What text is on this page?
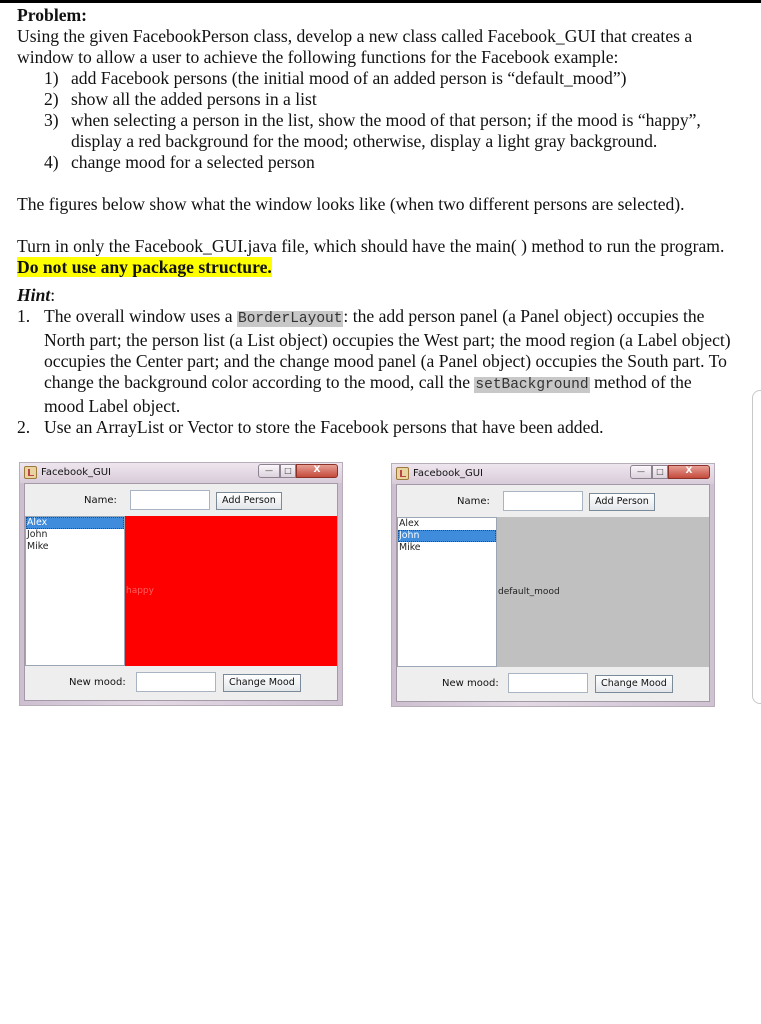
Problem:

Using the given FacebookPerson class, develop a new class called Facebook_GUI that creates a window to allow a user to achieve the following functions for the Facebook example:

1) add Facebook persons (the initial mood of an added person is “default_mood”)
2) show all the added persons in a list
3) when selecting a person in the list, show the mood of that person; if the mood is “happy”, display a red background for the mood; otherwise, display a light gray background.
4) change mood for a selected person

The figures below show what the window looks like (when two different persons are selected).

Turn in only the Facebook_GUI.java file, which should have the main( ) method to run the program. Do not use any package structure.

Hint:

1. The overall window uses a BorderLayout: the add person panel (a Panel object) occupies the North part; the person list (a List object) occupies the West part; the mood region (a Label object) occupies the Center part; and the change mood panel (a Panel object) occupies the South part. To change the background color according to the mood, call the setBackground method of the mood Label object.
2. Use an ArrayList or Vector to store the Facebook persons that have been added.
Facebook_GUI	—	□	X
Name:	Add Person
Alex
John
Mike
happy
New mood:	Change Mood
Facebook_GUI	—	□	X
Name:	Add Person
Alex
John
Mike
default_mood
New mood:	Change Mood
